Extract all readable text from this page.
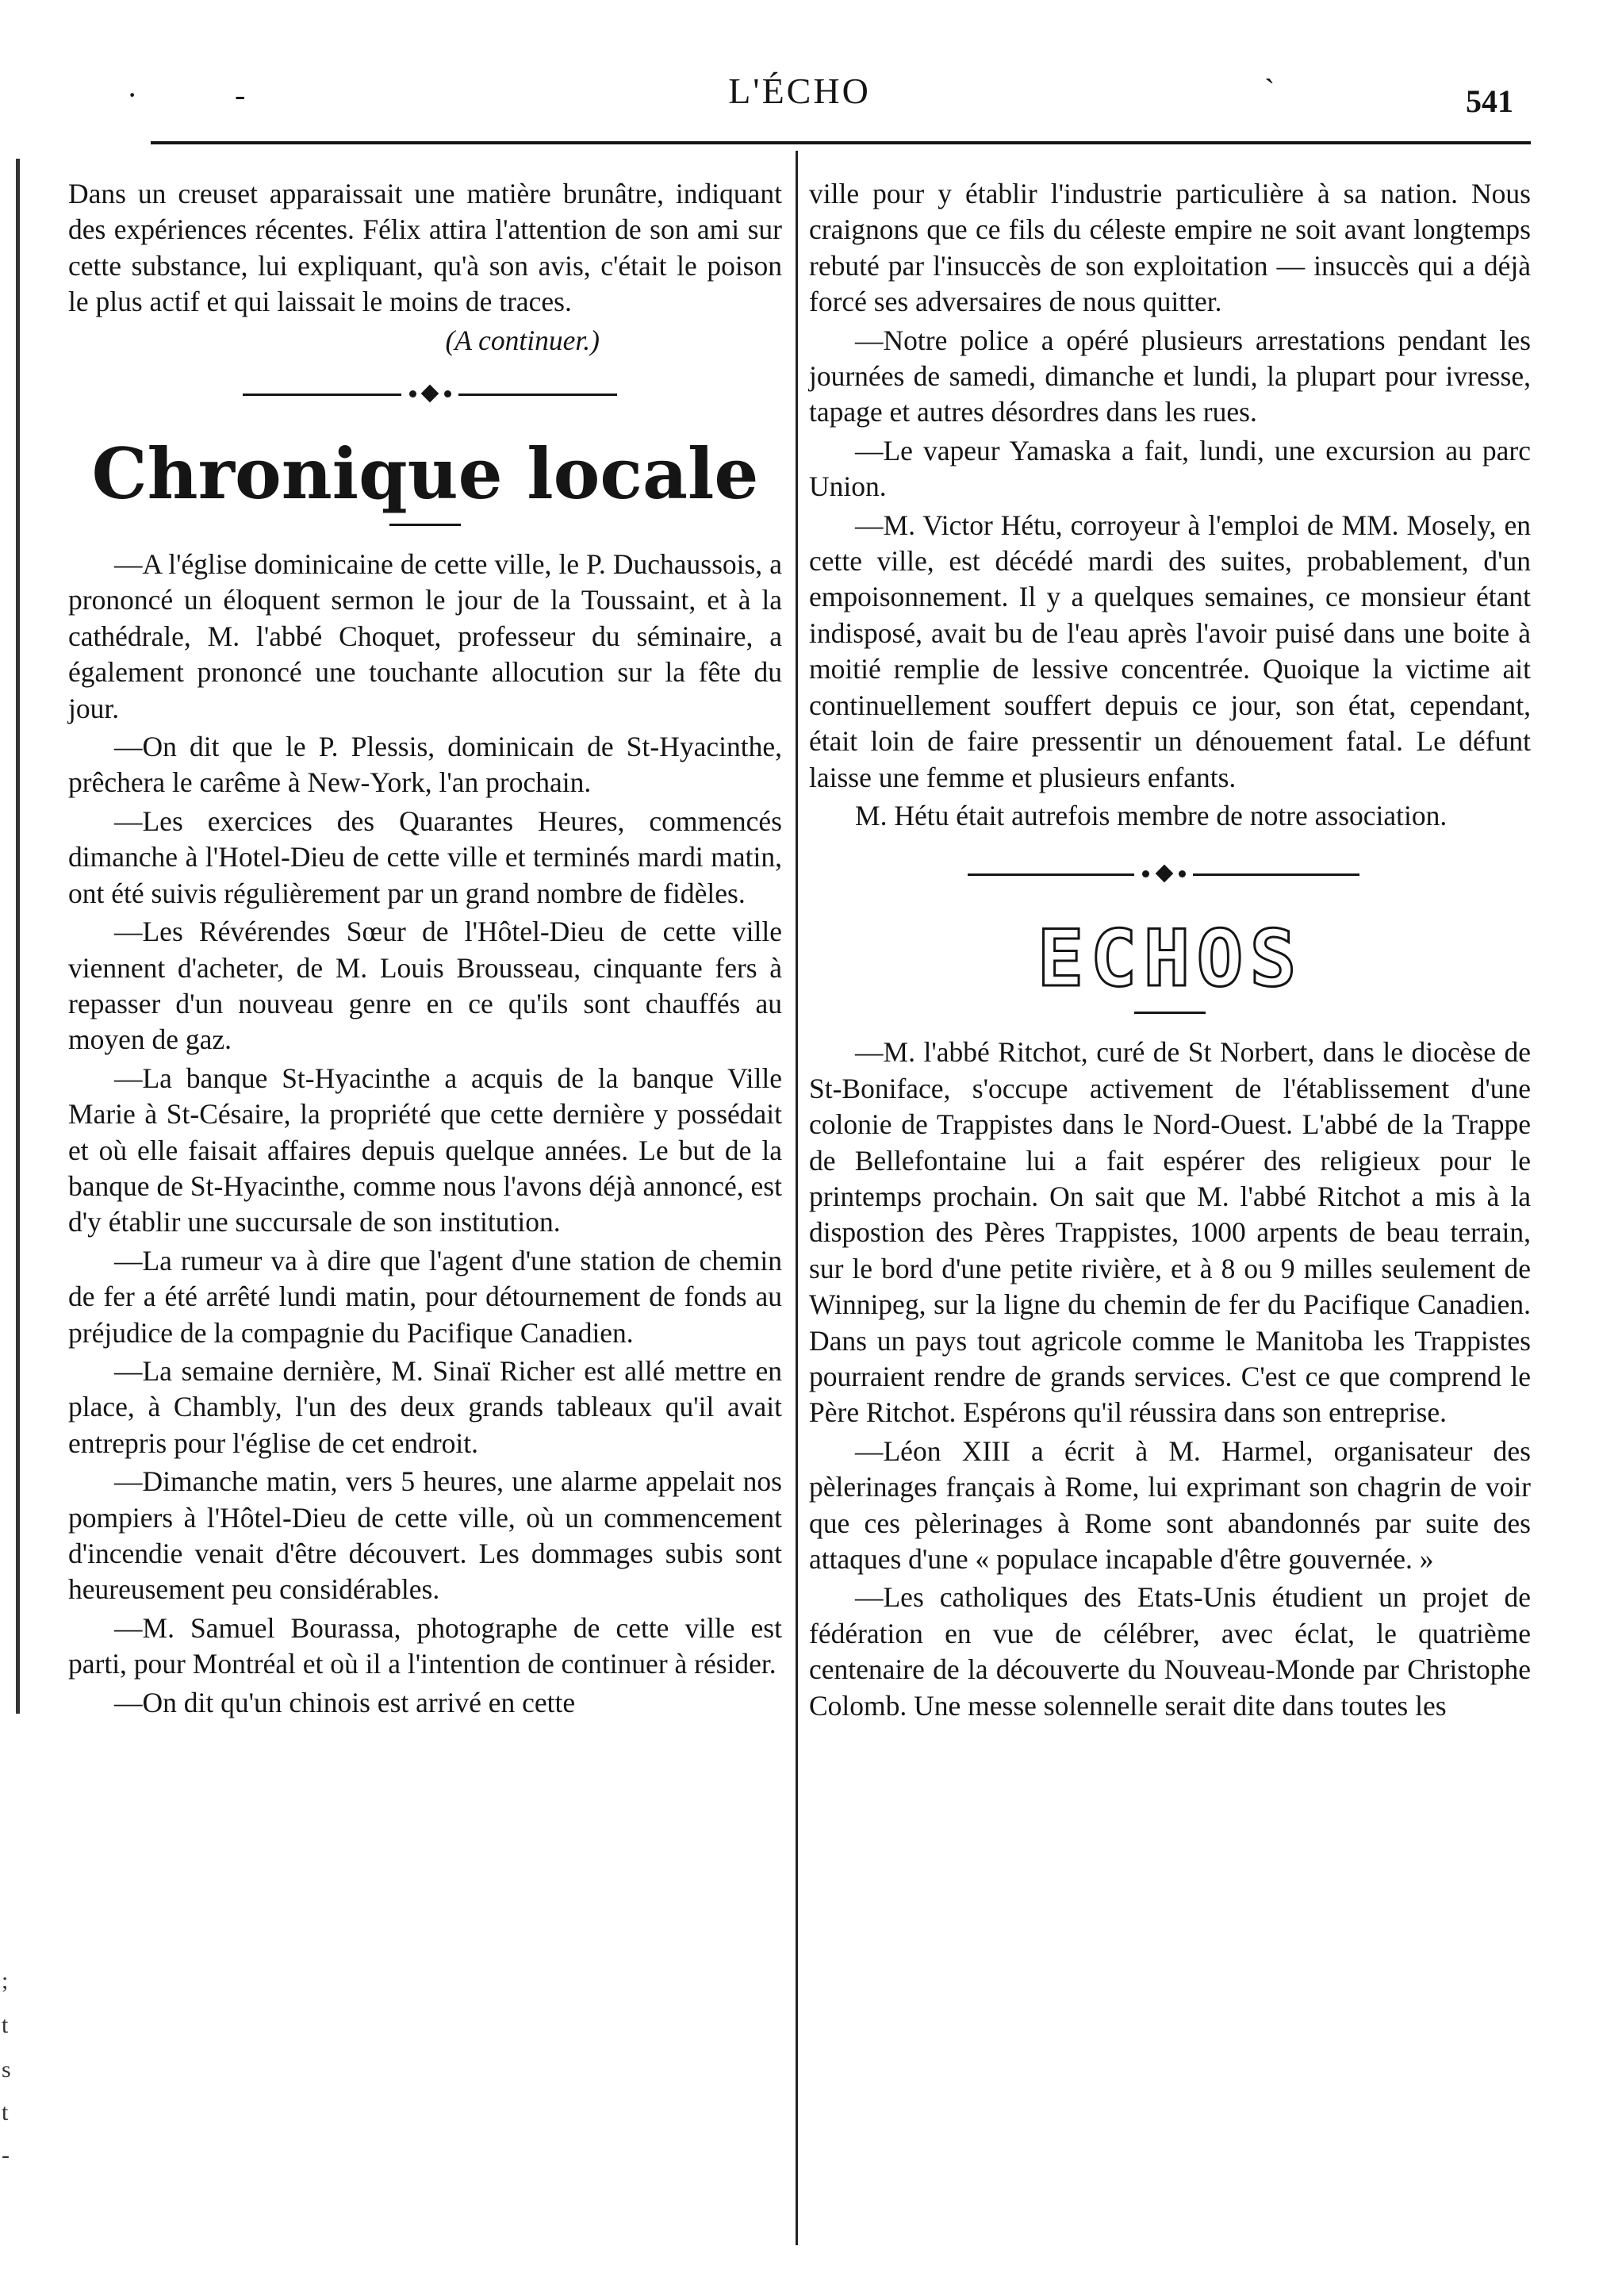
·	-	`
L'ÉCHO	541
;
t
s
t
-

Dans un creuset apparaissait une matière brunâtre, indiquant des expériences récentes. Félix attira l'attention de son ami sur cette substance, lui expliquant, qu'à son avis, c'était le poison le plus actif et qui laissait le moins de traces.

(A continuer.)

Chronique locale

—A l'église dominicaine de cette ville, le P. Duchaussois, a prononcé un éloquent sermon le jour de la Toussaint, et à la cathédrale, M. l'abbé Choquet, professeur du séminaire, a également prononcé une touchante allocution sur la fête du jour.

—On dit que le P. Plessis, dominicain de St-Hyacinthe, prêchera le carême à New-York, l'an prochain.

—Les exercices des Quarantes Heures, commencés dimanche à l'Hotel-Dieu de cette ville et terminés mardi matin, ont été suivis régulièrement par un grand nombre de fidèles.

—Les Révérendes Sœur de l'Hôtel-Dieu de cette ville viennent d'acheter, de M. Louis Brousseau, cinquante fers à repasser d'un nouveau genre en ce qu'ils sont chauffés au moyen de gaz.

—La banque St-Hyacinthe a acquis de la banque Ville Marie à St-Césaire, la propriété que cette dernière y possédait et où elle faisait affaires depuis quelque années. Le but de la banque de St-Hyacinthe, comme nous l'avons déjà annoncé, est d'y établir une succursale de son institution.

—La rumeur va à dire que l'agent d'une station de chemin de fer a été arrêté lundi matin, pour détournement de fonds au préjudice de la compagnie du Pacifique Canadien.

—La semaine dernière, M. Sinaï Richer est allé mettre en place, à Chambly, l'un des deux grands tableaux qu'il avait entrepris pour l'église de cet endroit.

—Dimanche matin, vers 5 heures, une alarme appelait nos pompiers à l'Hôtel-Dieu de cette ville, où un commencement d'incendie venait d'être découvert. Les dommages subis sont heureusement peu considérables.

—M. Samuel Bourassa, photographe de cette ville est parti, pour Montréal et où il a l'intention de continuer à résider.

—On dit qu'un chinois est arrivé en cette

ville pour y établir l'industrie particulière à sa nation. Nous craignons que ce fils du céleste empire ne soit avant longtemps rebuté par l'insuccès de son exploitation — insuccès qui a déjà forcé ses adversaires de nous quitter.

—Notre police a opéré plusieurs arrestations pendant les journées de samedi, dimanche et lundi, la plupart pour ivresse, tapage et autres désordres dans les rues.

—Le vapeur Yamaska a fait, lundi, une excursion au parc Union.

—M. Victor Hétu, corroyeur à l'emploi de MM. Mosely, en cette ville, est décédé mardi des suites, probablement, d'un empoisonnement. Il y a quelques semaines, ce monsieur étant indisposé, avait bu de l'eau après l'avoir puisé dans une boite à moitié remplie de lessive concentrée. Quoique la victime ait continuellement souffert depuis ce jour, son état, cependant, était loin de faire pressentir un dénouement fatal. Le défunt laisse une femme et plusieurs enfants.

M. Hétu était autrefois membre de notre association.

ECHOS

—M. l'abbé Ritchot, curé de St Norbert, dans le diocèse de St-Boniface, s'occupe activement de l'établissement d'une colonie de Trappistes dans le Nord-Ouest. L'abbé de la Trappe de Bellefontaine lui a fait espérer des religieux pour le printemps prochain. On sait que M. l'abbé Ritchot a mis à la dispostion des Pères Trappistes, 1000 arpents de beau terrain, sur le bord d'une petite rivière, et à 8 ou 9 milles seulement de Winnipeg, sur la ligne du chemin de fer du Pacifique Canadien. Dans un pays tout agricole comme le Manitoba les Trappistes pourraient rendre de grands services. C'est ce que comprend le Père Ritchot. Espérons qu'il réussira dans son entreprise.

—Léon XIII a écrit à M. Harmel, organisateur des pèlerinages français à Rome, lui exprimant son chagrin de voir que ces pèlerinages à Rome sont abandonnés par suite des attaques d'une « populace incapable d'être gouvernée. »

—Les catholiques des Etats-Unis étudient un projet de fédération en vue de célébrer, avec éclat, le quatrième centenaire de la découverte du Nouveau-Monde par Christophe Colomb. Une messe solennelle serait dite dans toutes les
